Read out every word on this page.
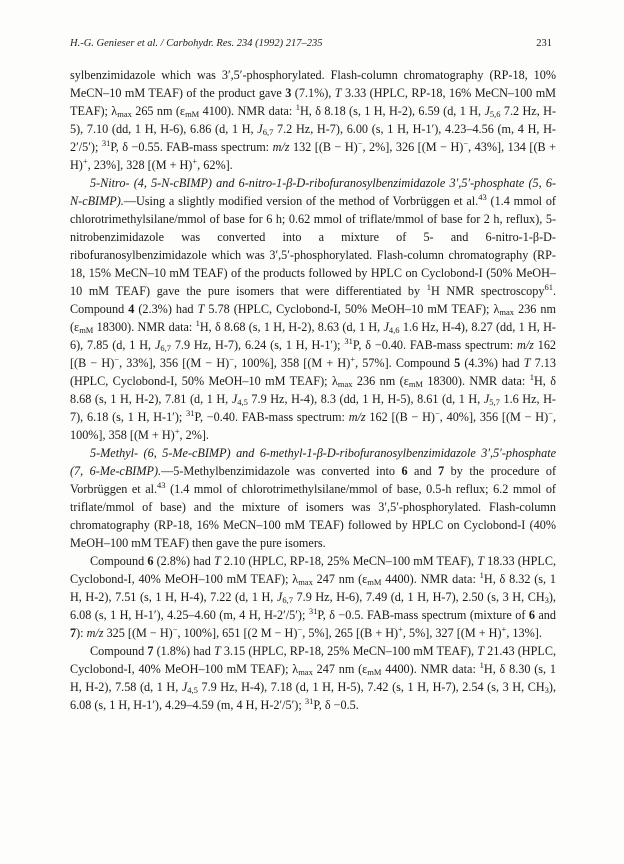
H.-G. Genieser et al. / Carbohydr. Res. 234 (1992) 217–235	231

sylbenzimidazole which was 3′,5′-phosphorylated. Flash-column chromatography (RP-18, 10% MeCN–10 mM TEAF) of the product gave 3 (7.1%), T 3.33 (HPLC, RP-18, 16% MeCN–100 mM TEAF); $\lambda_{max}$ 265 nm ($\varepsilon_{mM}$ 4100). NMR data: $^1$H, δ 8.18 (s, 1 H, H-2), 6.59 (d, 1 H, $J_{5,6}$ 7.2 Hz, H-5), 7.10 (dd, 1 H, H-6), 6.86 (d, 1 H, $J_{6,7}$ 7.2 Hz, H-7), 6.00 (s, 1 H, H-1′), 4.23–4.56 (m, 4 H, H-2′/5′); $^{31}$P, δ −0.55. FAB-mass spectrum: m/z 132 [(B − H)−, 2%], 326 [(M − H)−, 43%], 134 [(B + H)+, 23%], 328 [(M + H)+, 62%].

5-Nitro- (4, 5-N-cBIMP) and 6-nitro-1-β-D-ribofuranosylbenzimidazole 3′,5′-phosphate (5, 6-N-cBIMP).—Using a slightly modified version of the method of Vorbrüggen et al.$^{43}$ (1.4 mmol of chlorotrimethylsilane/mmol of base for 6 h; 0.62 mmol of triflate/mmol of base for 2 h, reflux), 5-nitrobenzimidazole was converted into a mixture of 5- and 6-nitro-1-β-D-ribofuranosylbenzimidazole which was 3′,5′-phosphorylated. Flash-column chromatography (RP-18, 15% MeCN–10 mM TEAF) of the products followed by HPLC on Cyclobond-I (50% MeOH–10 mM TEAF) gave the pure isomers that were differentiated by $^1$H NMR spectroscopy$^{61}$. Compound 4 (2.3%) had T 5.78 (HPLC, Cyclobond-I, 50% MeOH–10 mM TEAF); $\lambda_{max}$ 236 nm ($\varepsilon_{mM}$ 18300). NMR data: $^1$H, δ 8.68 (s, 1 H, H-2), 8.63 (d, 1 H, $J_{4,6}$ 1.6 Hz, H-4), 8.27 (dd, 1 H, H-6), 7.85 (d, 1 H, $J_{6,7}$ 7.9 Hz, H-7), 6.24 (s, 1 H, H-1′); $^{31}$P, δ −0.40. FAB-mass spectrum: m/z 162 [(B − H)−, 33%], 356 [(M − H)−, 100%], 358 [(M + H)+, 57%]. Compound 5 (4.3%) had T 7.13 (HPLC, Cyclobond-I, 50% MeOH–10 mM TEAF); $\lambda_{max}$ 236 nm ($\varepsilon_{mM}$ 18300). NMR data: $^1$H, δ 8.68 (s, 1 H, H-2), 7.81 (d, 1 H, $J_{4,5}$ 7.9 Hz, H-4), 8.3 (dd, 1 H, H-5), 8.61 (d, 1 H, $J_{5,7}$ 1.6 Hz, H-7), 6.18 (s, 1 H, H-1′); $^{31}$P, −0.40. FAB-mass spectrum: m/z 162 [(B − H)−, 40%], 356 [(M − H)−, 100%], 358 [(M + H)+, 2%].

5-Methyl- (6, 5-Me-cBIMP) and 6-methyl-1-β-D-ribofuranosylbenzimidazole 3′,5′-phosphate (7, 6-Me-cBIMP).—5-Methylbenzimidazole was converted into 6 and 7 by the procedure of Vorbrüggen et al.$^{43}$ (1.4 mmol of chlorotrimethylsilane/mmol of base, 0.5-h reflux; 6.2 mmol of triflate/mmol of base) and the mixture of isomers was 3′,5′-phosphorylated. Flash-column chromatography (RP-18, 16% MeCN–100 mM TEAF) followed by HPLC on Cyclobond-I (40% MeOH–100 mM TEAF) then gave the pure isomers.

Compound 6 (2.8%) had T 2.10 (HPLC, RP-18, 25% MeCN–100 mM TEAF), T 18.33 (HPLC, Cyclobond-I, 40% MeOH–100 mM TEAF); $\lambda_{max}$ 247 nm ($\varepsilon_{mM}$ 4400). NMR data: $^1$H, δ 8.32 (s, 1 H, H-2), 7.51 (s, 1 H, H-4), 7.22 (d, 1 H, $J_{6,7}$ 7.9 Hz, H-6), 7.49 (d, 1 H, H-7), 2.50 (s, 3 H, $CH_3$), 6.08 (s, 1 H, H-1′), 4.25–4.60 (m, 4 H, H-2′/5′); $^{31}$P, δ −0.5. FAB-mass spectrum (mixture of 6 and 7): m/z 325 [(M − H)−, 100%], 651 [(2 M − H)−, 5%], 265 [(B + H)+, 5%], 327 [(M + H)+, 13%].

Compound 7 (1.8%) had T 3.15 (HPLC, RP-18, 25% MeCN–100 mM TEAF), T 21.43 (HPLC, Cyclobond-I, 40% MeOH–100 mM TEAF); $\lambda_{max}$ 247 nm ($\varepsilon_{mM}$ 4400). NMR data: $^1$H, δ 8.30 (s, 1 H, H-2), 7.58 (d, 1 H, $J_{4,5}$ 7.9 Hz, H-4), 7.18 (d, 1 H, H-5), 7.42 (s, 1 H, H-7), 2.54 (s, 3 H, $CH_3$), 6.08 (s, 1 H, H-1′), 4.29–4.59 (m, 4 H, H-2′/5′); $^{31}$P, δ −0.5.
